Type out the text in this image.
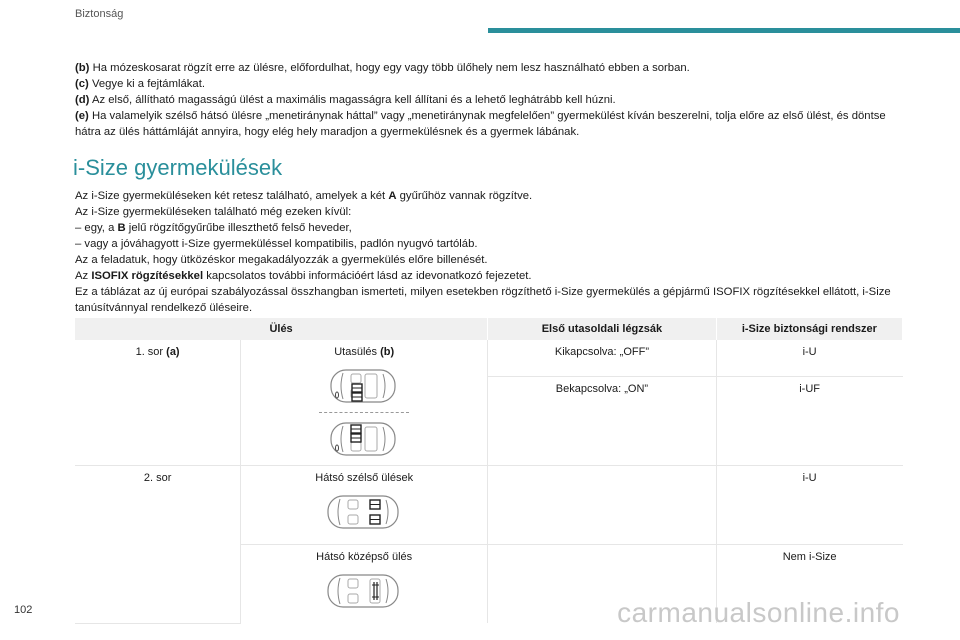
Biztonság

(b) Ha mózeskosarat rögzít erre az ülésre, előfordulhat, hogy egy vagy több ülőhely nem lesz használható ebben a sorban.

(c) Vegye ki a fejtámlákat.

(d) Az első, állítható magasságú ülést a maximális magasságra kell állítani és a lehető leghátrább kell húzni.

(e) Ha valamelyik szélső hátsó ülésre „menetiránynak háttal” vagy „menetiránynak megfelelően” gyermekülést kíván beszerelni, tolja előre az első ülést, és döntse hátra az ülés háttámláját annyira, hogy elég hely maradjon a gyermekülésnek és a gyermek lábának.

i-Size gyermekülések

Az i-Size gyermeküléseken két retesz található, amelyek a két A gyűrűhöz vannak rögzítve.

Az i-Size gyermeküléseken található még ezeken kívül:

– egy, a B jelű rögzítőgyűrűbe illeszthető felső heveder,

– vagy a jóváhagyott i-Size gyermeküléssel kompatibilis, padlón nyugvó tartóláb.

Az a feladatuk, hogy ütközéskor megakadályozzák a gyermekülés előre billenését.

Az ISOFIX rögzítésekkel kapcsolatos további információért lásd az idevonatkozó fejezetet.

Ez a táblázat az új európai szabályozással összhangban ismerteti, milyen esetekben rögzíthető i-Size gyermekülés a gépjármű ISOFIX rögzítésekkel ellátott, i-Size tanúsítvánnyal rendelkező üléseire.

Ülés		Első utasoldali légzsák	i-Size biztonsági rendszer
1. sor (a)	Utasülés (b)	Kikapcsolva: „OFF”	i-U
		Bekapcsolva: „ON”	i-UF
2. sor	Hátsó szélső ülések		i-U

	Hátsó középső ülés		Nem i-Size
102	carmanualsonline.info
